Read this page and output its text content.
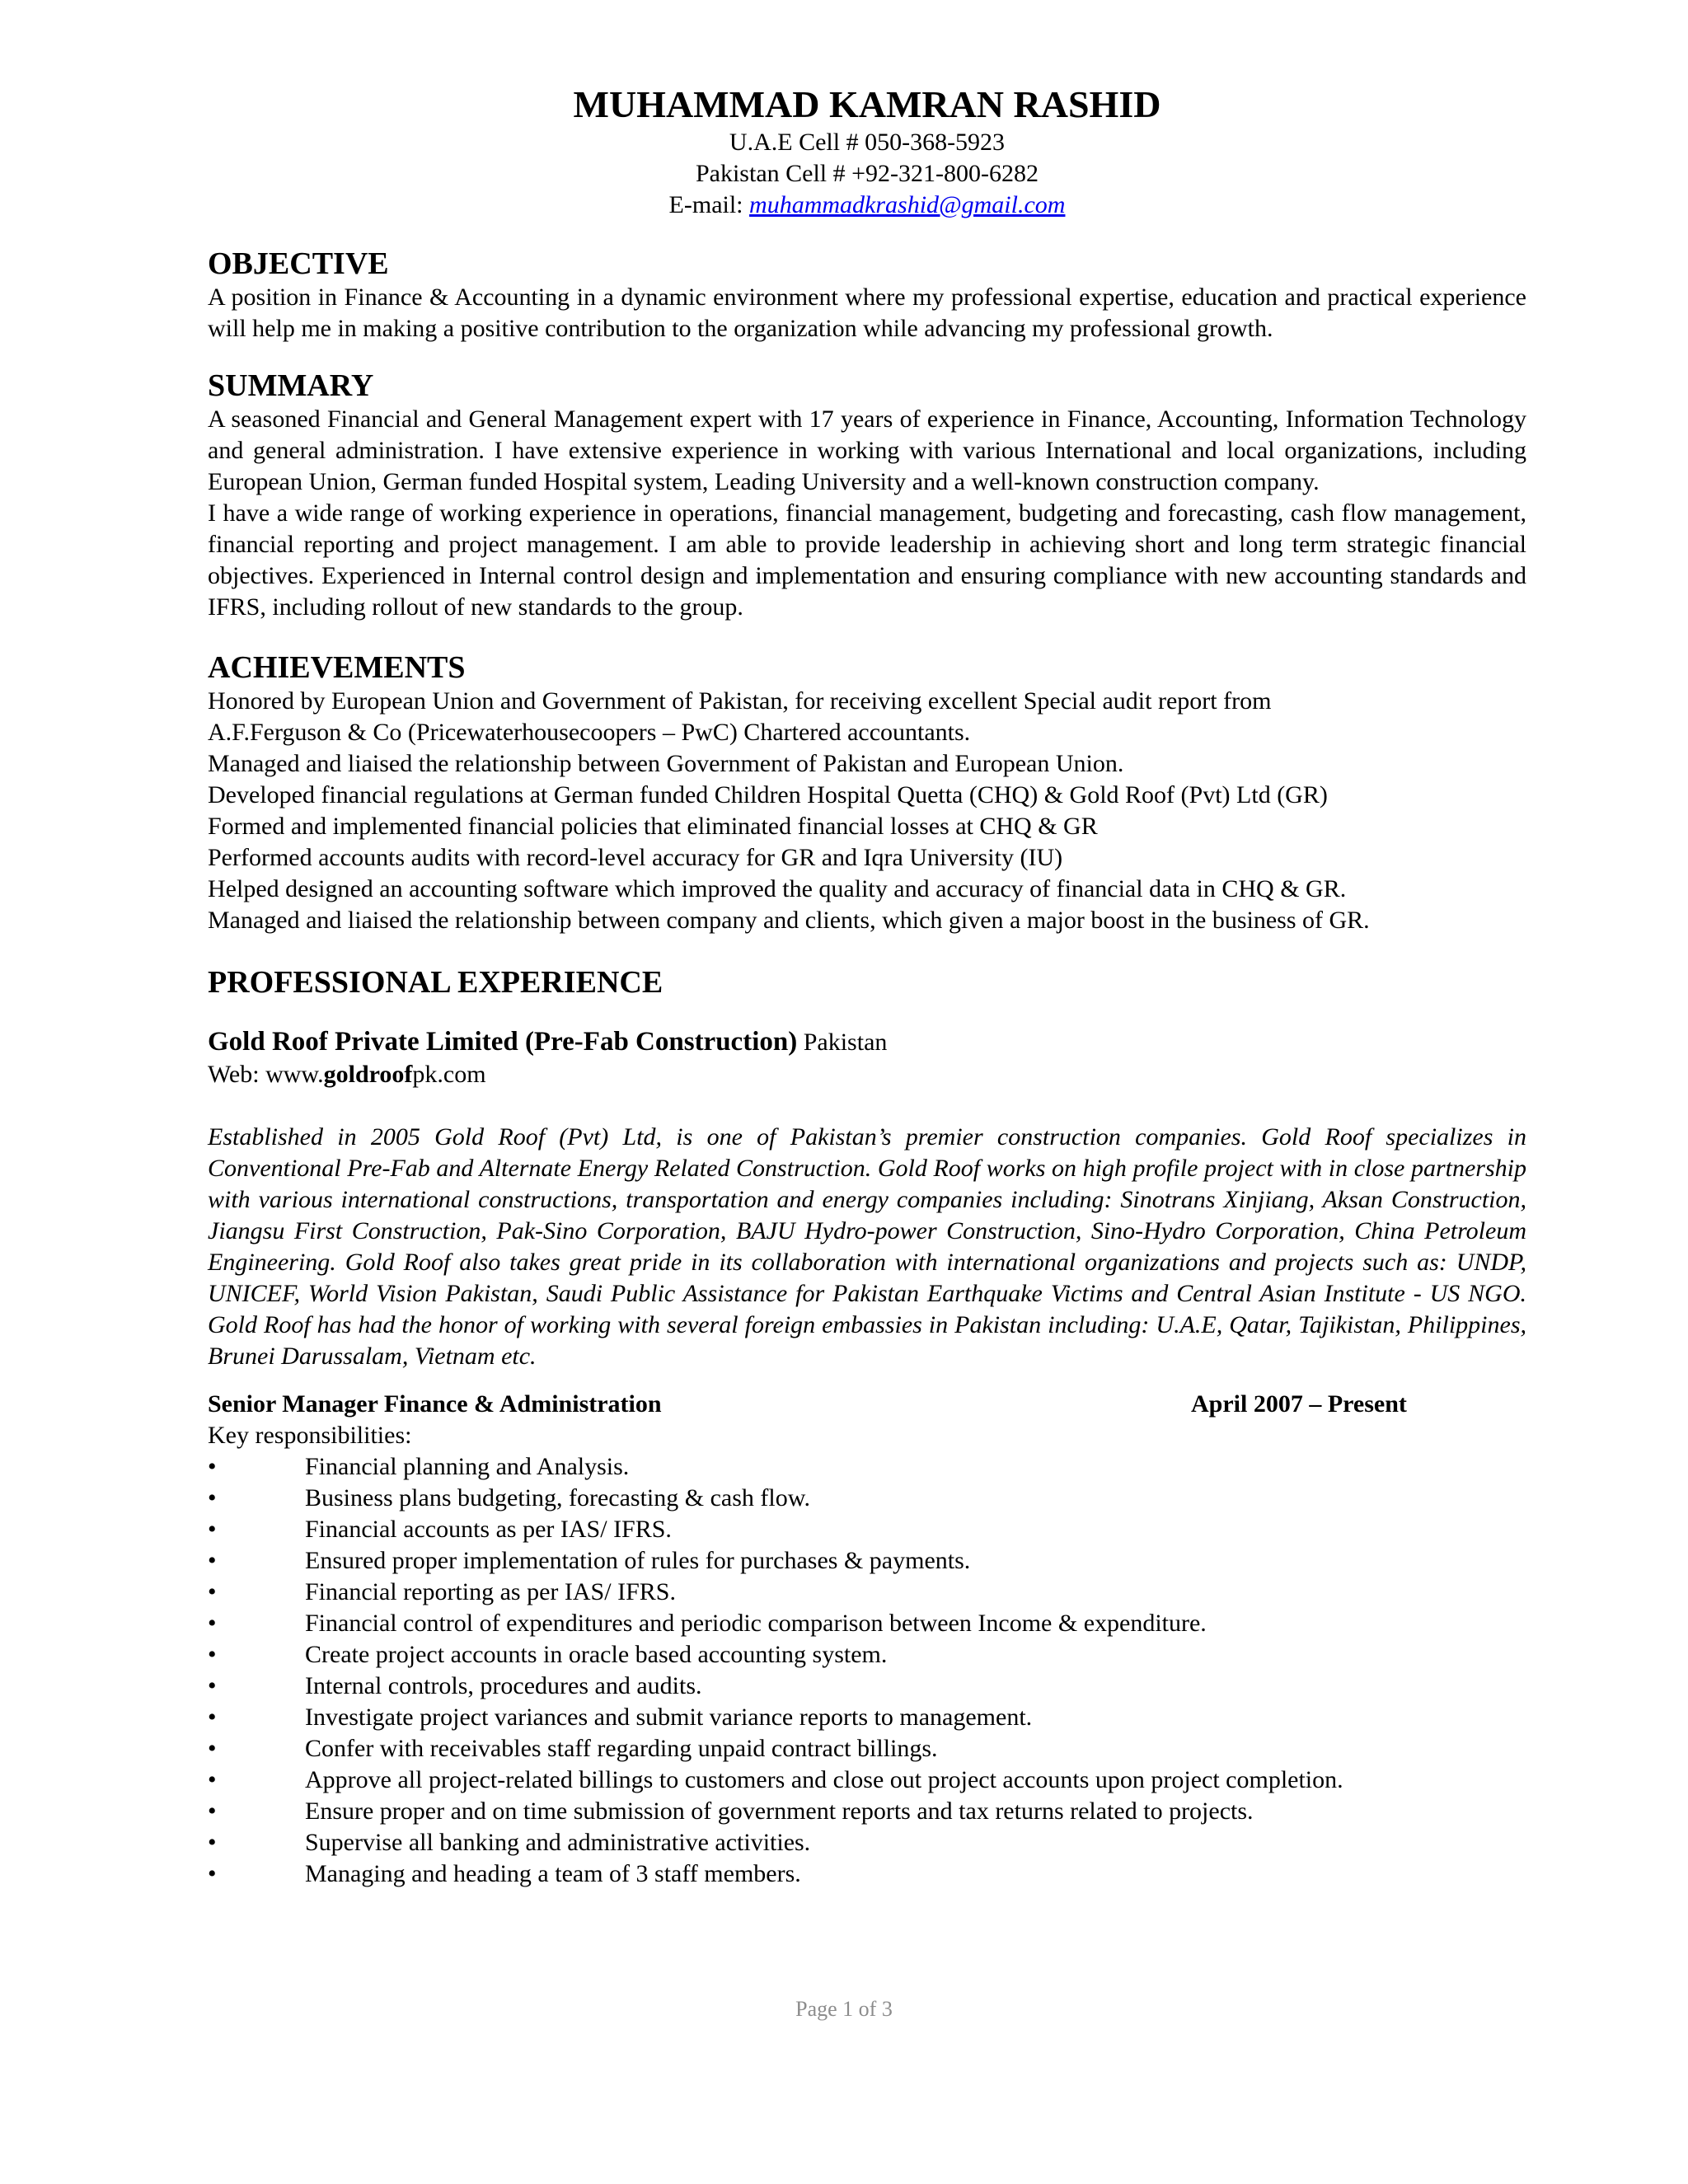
MUHAMMAD KAMRAN RASHID
U.A.E Cell # 050-368-5923
Pakistan Cell # +92-321-800-6282
E-mail: muhammadkrashid@gmail.com
OBJECTIVE

A position in Finance & Accounting in a dynamic environment where my professional expertise, education and practical experience will help me in making a positive contribution to the organization while advancing my professional growth.

SUMMARY

A seasoned Financial and General Management expert with 17 years of experience in Finance, Accounting, Information Technology and general administration. I have extensive experience in working with various International and local organizations, including European Union, German funded Hospital system, Leading University and a well-known construction company.

I have a wide range of working experience in operations, financial management, budgeting and forecasting, cash flow management, financial reporting and project management. I am able to provide leadership in achieving short and long term strategic financial objectives. Experienced in Internal control design and implementation and ensuring compliance with new accounting standards and IFRS, including rollout of new standards to the group.

ACHIEVEMENTS
Honored by European Union and Government of Pakistan, for receiving excellent Special audit report from
A.F.Ferguson & Co (Pricewaterhousecoopers – PwC) Chartered accountants.
Managed and liaised the relationship between Government of Pakistan and European Union.
Developed financial regulations at German funded Children Hospital Quetta (CHQ) & Gold Roof (Pvt) Ltd (GR)
Formed and implemented financial policies that eliminated financial losses at CHQ & GR
Performed accounts audits with record-level accuracy for GR and Iqra University (IU)
Helped designed an accounting software which improved the quality and accuracy of financial data in CHQ & GR.
Managed and liaised the relationship between company and clients, which given a major boost in the business of GR.
PROFESSIONAL EXPERIENCE
Gold Roof Private Limited (Pre-Fab Construction) Pakistan
Web: www.goldroofpk.com

Established in 2005 Gold Roof (Pvt) Ltd, is one of Pakistan’s premier construction companies. Gold Roof specializes in Conventional Pre-Fab and Alternate Energy Related Construction. Gold Roof works on high profile project with in close partnership with various international constructions, transportation and energy companies including: Sinotrans Xinjiang, Aksan Construction, Jiangsu First Construction, Pak-Sino Corporation, BAJU Hydro-power Construction, Sino-Hydro Corporation, China Petroleum Engineering. Gold Roof also takes great pride in its collaboration with international organizations and projects such as: UNDP, UNICEF, World Vision Pakistan, Saudi Public Assistance for Pakistan Earthquake Victims and Central Asian Institute - US NGO. Gold Roof has had the honor of working with several foreign embassies in Pakistan including: U.A.E, Qatar, Tajikistan, Philippines, Brunei Darussalam, Vietnam etc.

Senior Manager Finance & Administration	April 2007 – Present
Key responsibilities:
•	Financial planning and Analysis.
•	Business plans budgeting, forecasting & cash flow.
•	Financial accounts as per IAS/ IFRS.
•	Ensured proper implementation of rules for purchases & payments.
•	Financial reporting as per IAS/ IFRS.
•	Financial control of expenditures and periodic comparison between Income & expenditure.
•	Create project accounts in oracle based accounting system.
•	Internal controls, procedures and audits.
•	Investigate project variances and submit variance reports to management.
•	Confer with receivables staff regarding unpaid contract billings.
•	Approve all project-related billings to customers and close out project accounts upon project completion.
•	Ensure proper and on time submission of government reports and tax returns related to projects.
•	Supervise all banking and administrative activities.
•	Managing and heading a team of 3 staff members.
Page 1 of 3
